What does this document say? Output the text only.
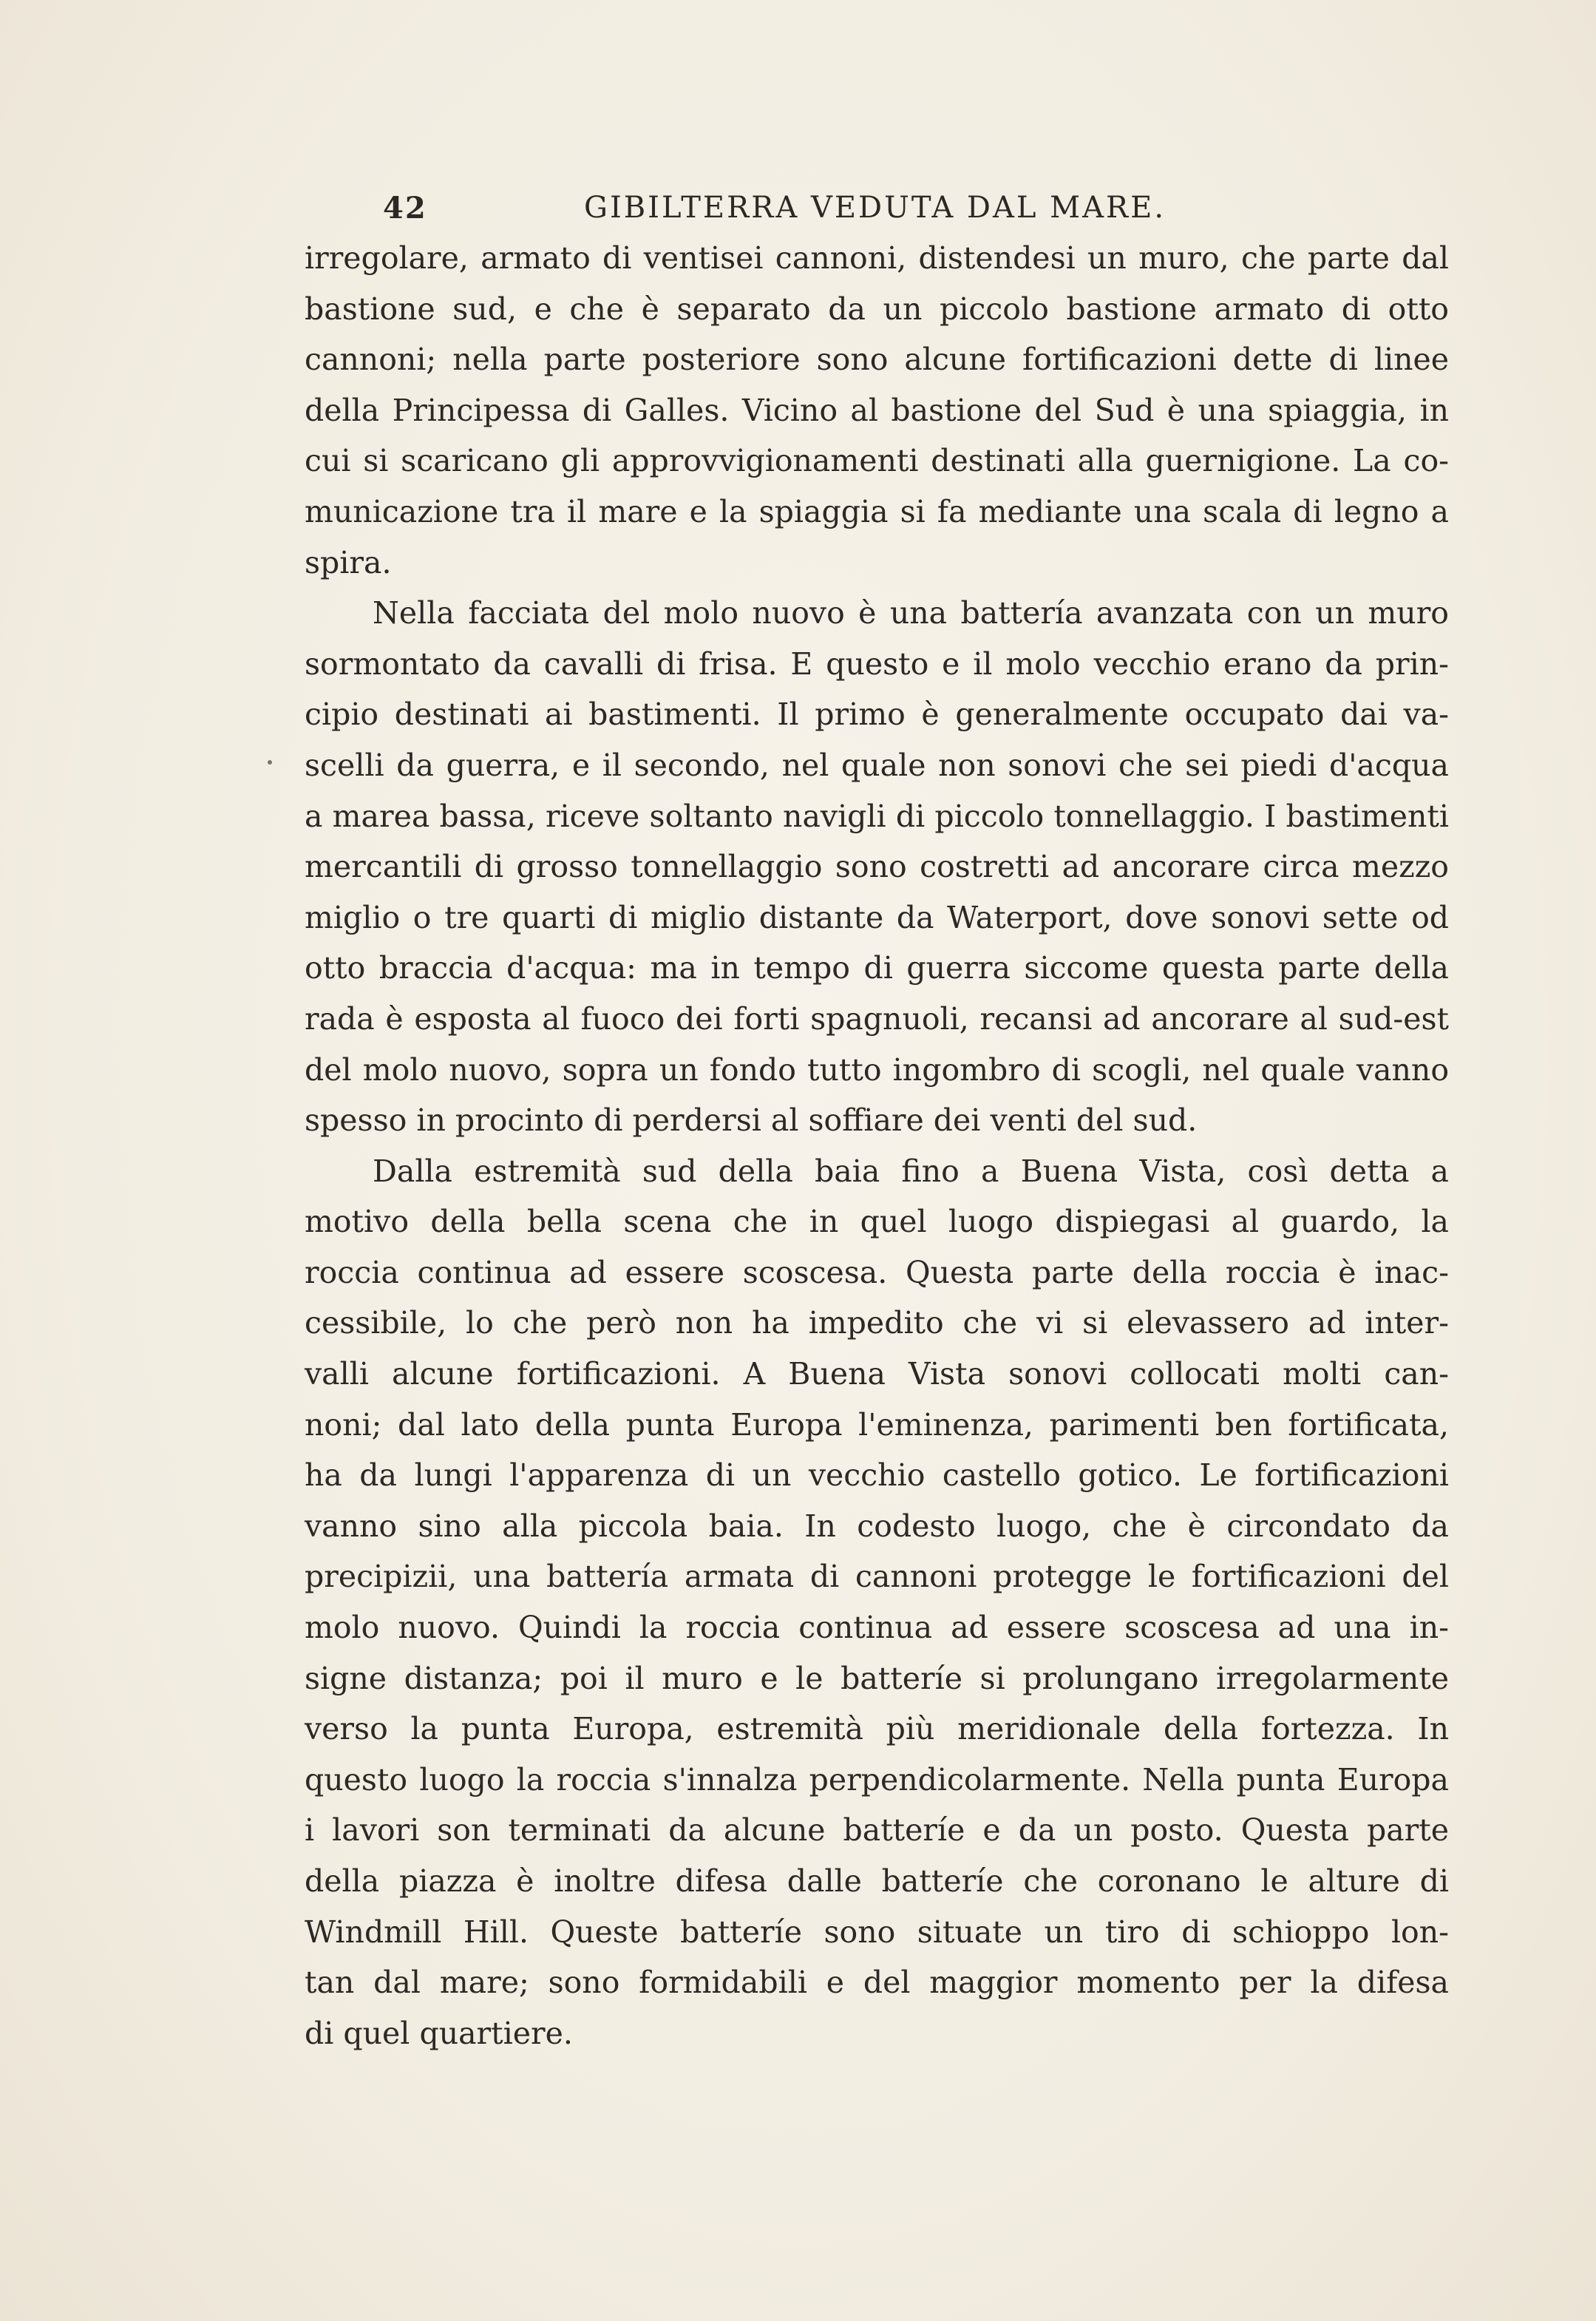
42	GIBILTERRA VEDUTA DAL MARE.
irregolare, armato di ventisei cannoni, distendesi un muro, che parte dal
bastione sud, e che è separato da un piccolo bastione armato di otto
cannoni; nella parte posteriore sono alcune fortificazioni dette di linee
della Principessa di Galles. Vicino al bastione del Sud è una spiaggia, in
cui si scaricano gli approvvigionamenti destinati alla guernigione. La co-
municazione tra il mare e la spiaggia si fa mediante una scala di legno a
spira.
Nella facciata del molo nuovo è una battería avanzata con un muro
sormontato da cavalli di frisa. E questo e il molo vecchio erano da prin-
cipio destinati ai bastimenti. Il primo è generalmente occupato dai va-
scelli da guerra, e il secondo, nel quale non sonovi che sei piedi d'acqua
a marea bassa, riceve soltanto navigli di piccolo tonnellaggio. I bastimenti
mercantili di grosso tonnellaggio sono costretti ad ancorare circa mezzo
miglio o tre quarti di miglio distante da Waterport, dove sonovi sette od
otto braccia d'acqua: ma in tempo di guerra siccome questa parte della
rada è esposta al fuoco dei forti spagnuoli, recansi ad ancorare al sud-est
del molo nuovo, sopra un fondo tutto ingombro di scogli, nel quale vanno
spesso in procinto di perdersi al soffiare dei venti del sud.
Dalla estremità sud della baia fino a Buena Vista, così detta a
motivo della bella scena che in quel luogo dispiegasi al guardo, la
roccia continua ad essere scoscesa. Questa parte della roccia è inac-
cessibile, lo che però non ha impedito che vi si elevassero ad inter-
valli alcune fortificazioni. A Buena Vista sonovi collocati molti can-
noni; dal lato della punta Europa l'eminenza, parimenti ben fortificata,
ha da lungi l'apparenza di un vecchio castello gotico. Le fortificazioni
vanno sino alla piccola baia. In codesto luogo, che è circondato da
precipizii, una battería armata di cannoni protegge le fortificazioni del
molo nuovo. Quindi la roccia continua ad essere scoscesa ad una in-
signe distanza; poi il muro e le batteríe si prolungano irregolarmente
verso la punta Europa, estremità più meridionale della fortezza. In
questo luogo la roccia s'innalza perpendicolarmente. Nella punta Europa
i lavori son terminati da alcune batteríe e da un posto. Questa parte
della piazza è inoltre difesa dalle batteríe che coronano le alture di
Windmill Hill. Queste batteríe sono situate un tiro di schioppo lon-
tan dal mare; sono formidabili e del maggior momento per la difesa
di quel quartiere.
